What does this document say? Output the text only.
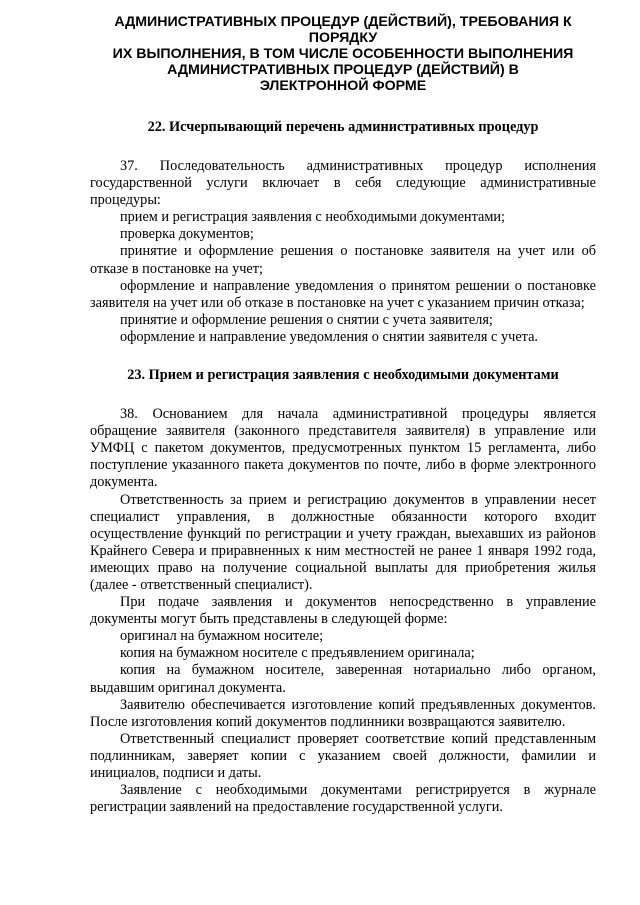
АДМИНИСТРАТИВНЫХ ПРОЦЕДУР (ДЕЙСТВИЙ), ТРЕБОВАНИЯ К ПОРЯДКУ
ИХ ВЫПОЛНЕНИЯ, В ТОМ ЧИСЛЕ ОСОБЕННОСТИ ВЫПОЛНЕНИЯ
АДМИНИСТРАТИВНЫХ ПРОЦЕДУР (ДЕЙСТВИЙ) В
ЭЛЕКТРОННОЙ ФОРМЕ
22. Исчерпывающий перечень административных процедур

37. Последовательность административных процедур исполнения государственной услуги включает в себя следующие административные процедуры:

прием и регистрация заявления с необходимыми документами;

проверка документов;

принятие и оформление решения о постановке заявителя на учет или об отказе в постановке на учет;

оформление и направление уведомления о принятом решении о постановке заявителя на учет или об отказе в постановке на учет с указанием причин отказа;

принятие и оформление решения о снятии с учета заявителя;

оформление и направление уведомления о снятии заявителя с учета.

23. Прием и регистрация заявления с необходимыми документами

38. Основанием для начала административной процедуры является обращение заявителя (законного представителя заявителя) в управление или УМФЦ с пакетом документов, предусмотренных пунктом 15 регламента, либо поступление указанного пакета документов по почте, либо в форме электронного документа.

Ответственность за прием и регистрацию документов в управлении несет специалист управления, в должностные обязанности которого входит осуществление функций по регистрации и учету граждан, выехавших из районов Крайнего Севера и приравненных к ним местностей не ранее 1 января 1992 года, имеющих право на получение социальной выплаты для приобретения жилья (далее - ответственный специалист).

При подаче заявления и документов непосредственно в управление документы могут быть представлены в следующей форме:

оригинал на бумажном носителе;

копия на бумажном носителе с предъявлением оригинала;

копия на бумажном носителе, заверенная нотариально либо органом, выдавшим оригинал документа.

Заявителю обеспечивается изготовление копий предъявленных документов. После изготовления копий документов подлинники возвращаются заявителю.

Ответственный специалист проверяет соответствие копий представленным подлинникам, заверяет копии с указанием своей должности, фамилии и инициалов, подписи и даты.

Заявление с необходимыми документами регистрируется в журнале регистрации заявлений на предоставление государственной услуги.
